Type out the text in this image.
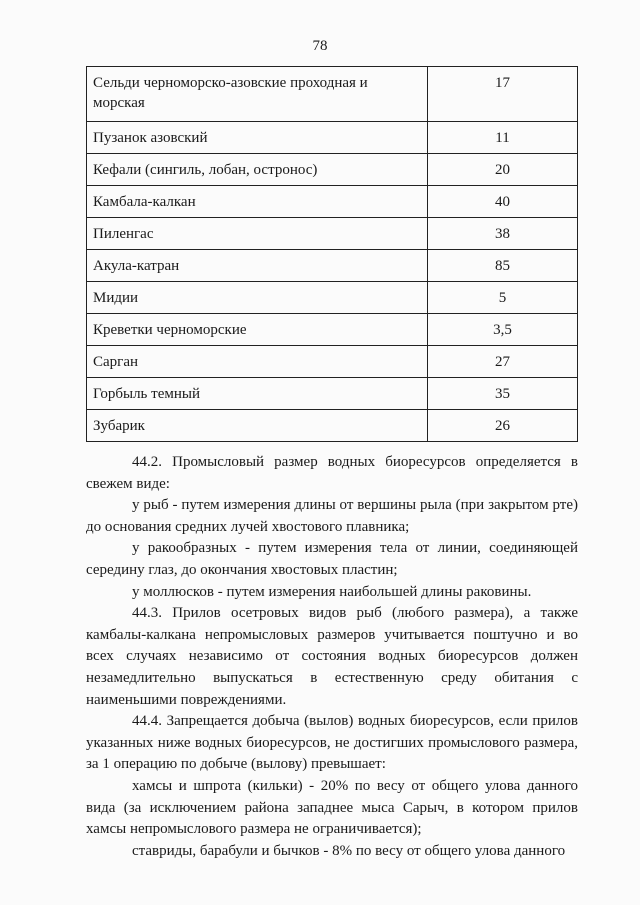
78
Сельди черноморско-азовские проходная и морская	17
Пузанок азовский	11
Кефали (сингиль, лобан, остронос)	20
Камбала-калкан	40
Пиленгас	38
Акула-катран	85
Мидии	5
Креветки черноморские	3,5
Сарган	27
Горбыль темный	35
Зубарик	26

44.2. Промысловый размер водных биоресурсов определяется в свежем виде:

у рыб - путем измерения длины от вершины рыла (при закрытом рте) до основания средних лучей хвостового плавника;

у ракообразных - путем измерения тела от линии, соединяющей середину глаз, до окончания хвостовых пластин;

у моллюсков - путем измерения наибольшей длины раковины.

44.3. Прилов осетровых видов рыб (любого размера), а также камбалы-калкана непромысловых размеров учитывается поштучно и во всех случаях независимо от состояния водных биоресурсов должен незамедлительно выпускаться в естественную среду обитания с наименьшими повреждениями.

44.4. Запрещается добыча (вылов) водных биоресурсов, если прилов указанных ниже водных биоресурсов, не достигших промыслового размера, за 1 операцию по добыче (вылову) превышает:

хамсы и шпрота (кильки) - 20% по весу от общего улова данного вида (за исключением района западнее мыса Сарыч, в котором прилов хамсы непромыслового размера не ограничивается);

ставриды, барабули и бычков - 8% по весу от общего улова данного
